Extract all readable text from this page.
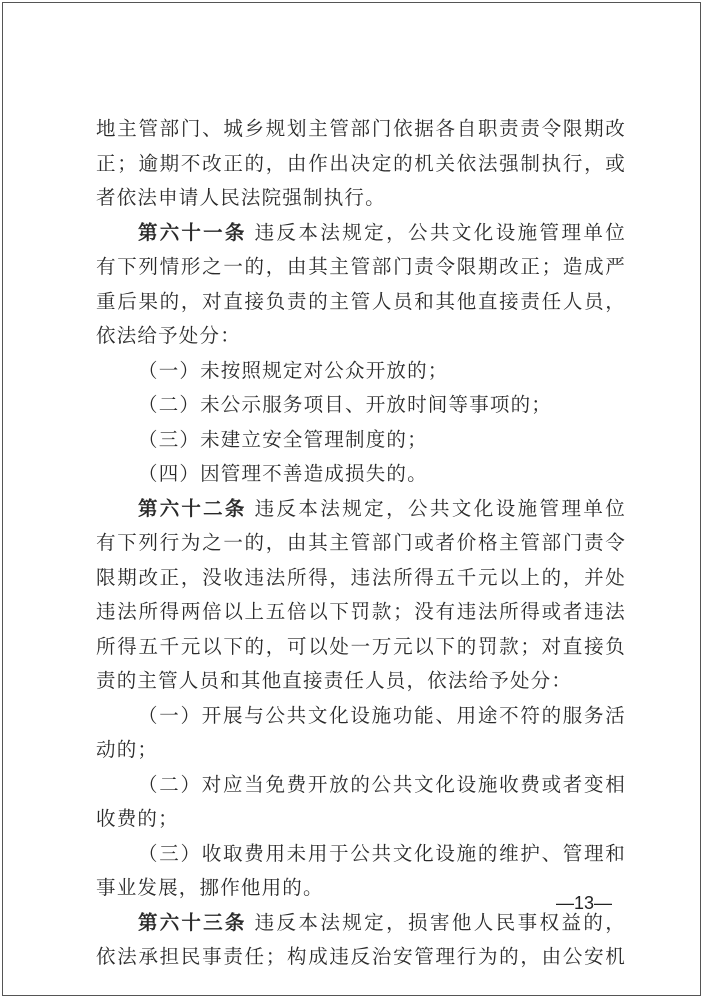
地主管部门、城乡规划主管部门依据各自职责责令限期改
正；逾期不改正的，由作出决定的机关依法强制执行，或
者依法申请人民法院强制执行。
第六十一条 违反本法规定，公共文化设施管理单位
有下列情形之一的，由其主管部门责令限期改正；造成严
重后果的，对直接负责的主管人员和其他直接责任人员，
依法给予处分：
（一）未按照规定对公众开放的；
（二）未公示服务项目、开放时间等事项的；
（三）未建立安全管理制度的；
（四）因管理不善造成损失的。
第六十二条 违反本法规定，公共文化设施管理单位
有下列行为之一的，由其主管部门或者价格主管部门责令
限期改正，没收违法所得，违法所得五千元以上的，并处
违法所得两倍以上五倍以下罚款；没有违法所得或者违法
所得五千元以下的，可以处一万元以下的罚款；对直接负
责的主管人员和其他直接责任人员，依法给予处分：
（一）开展与公共文化设施功能、用途不符的服务活
动的；
（二）对应当免费开放的公共文化设施收费或者变相
收费的；
（三）收取费用未用于公共文化设施的维护、管理和
事业发展，挪作他用的。
第六十三条 违反本法规定，损害他人民事权益的，
依法承担民事责任；构成违反治安管理行为的，由公安机
—13—
